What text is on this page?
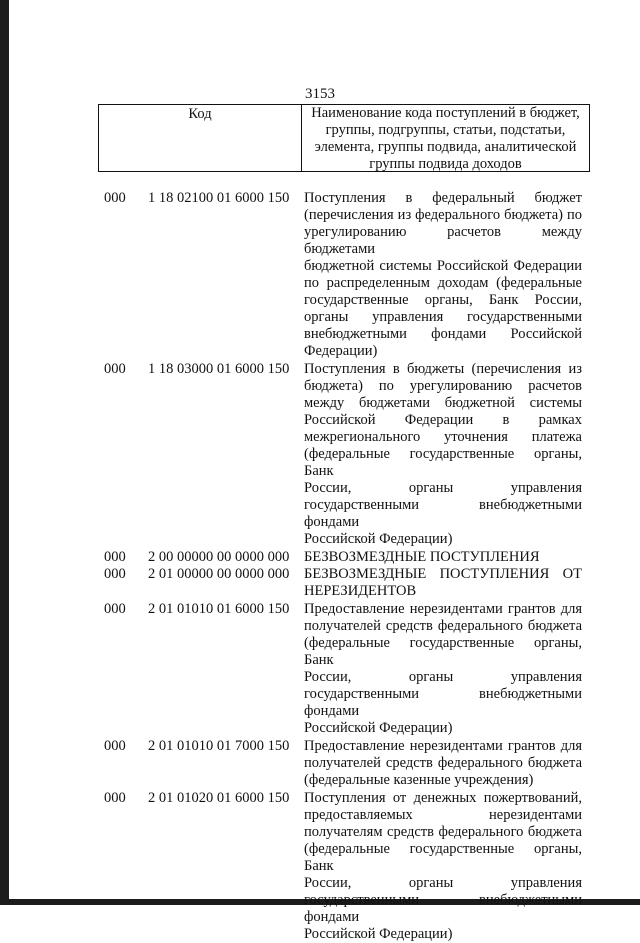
3153
Код	Наименование кода поступлений в бюджет, группы, подгруппы, статьи, подстатьи, элемента, группы подвида, аналитической группы подвида доходов
000 1 18 02100 01 6000 150 Поступления в федеральный бюджет
(перечисления из федерального бюджета) по
урегулированию расчетов между бюджетами
бюджетной системы Российской Федерации
по распределенным доходам (федеральные
государственные органы, Банк России,
органы управления государственными
внебюджетными фондами Российской
Федерации)
000 1 18 03000 01 6000 150 Поступления в бюджеты (перечисления из
бюджета) по урегулированию расчетов
между бюджетами бюджетной системы
Российской Федерации в рамках
межрегионального уточнения платежа
(федеральные государственные органы, Банк
России, органы управления
государственными внебюджетными фондами
Российской Федерации)
000 2 00 00000 00 0000 000 БЕЗВОЗМЕЗДНЫЕ ПОСТУПЛЕНИЯ
000 2 01 00000 00 0000 000 БЕЗВОЗМЕЗДНЫЕ ПОСТУПЛЕНИЯ ОТ
НЕРЕЗИДЕНТОВ
000 2 01 01010 01 6000 150 Предоставление нерезидентами грантов для
получателей средств федерального бюджета
(федеральные государственные органы, Банк
России, органы управления
государственными внебюджетными фондами
Российской Федерации)
000 2 01 01010 01 7000 150 Предоставление нерезидентами грантов для
получателей средств федерального бюджета
(федеральные казенные учреждения)
000 2 01 01020 01 6000 150 Поступления от денежных пожертвований,
предоставляемых нерезидентами
получателям средств федерального бюджета
(федеральные государственные органы, Банк
России, органы управления
государственными внебюджетными фондами
Российской Федерации)
